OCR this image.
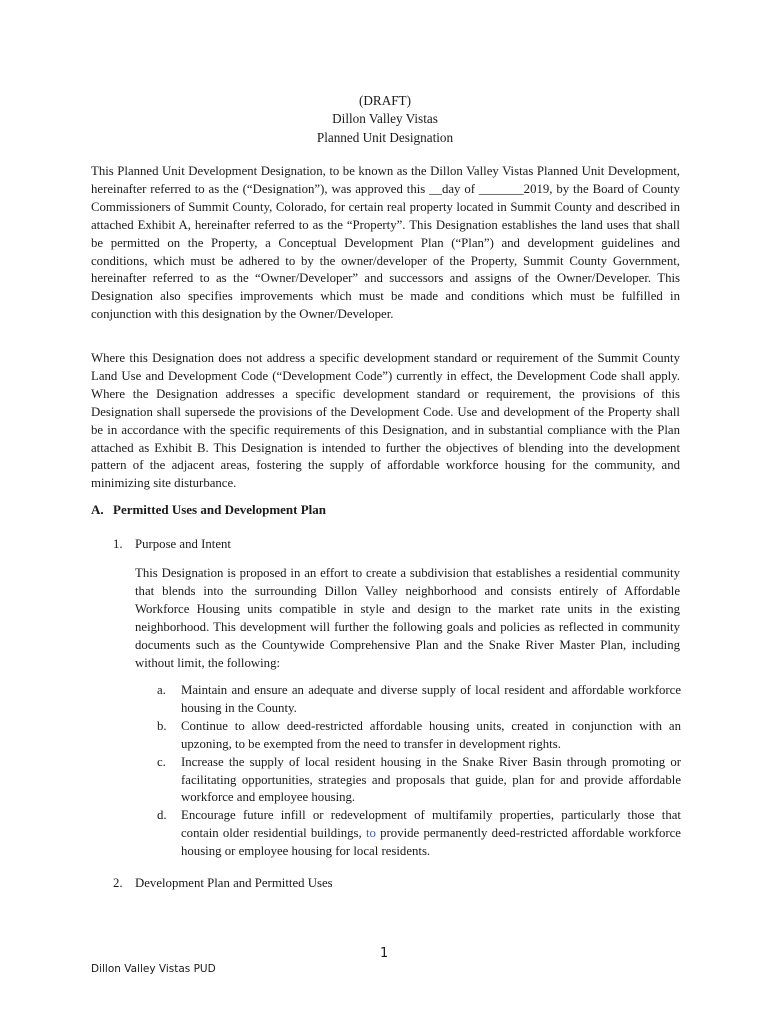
(DRAFT)
Dillon Valley Vistas
Planned Unit Designation

This Planned Unit Development Designation, to be known as the Dillon Valley Vistas Planned Unit Development, hereinafter referred to as the (“Designation”), was approved this __day of _______2019, by the Board of County Commissioners of Summit County, Colorado, for certain real property located in Summit County and described in attached Exhibit A, hereinafter referred to as the “Property”. This Designation establishes the land uses that shall be permitted on the Property, a Conceptual Development Plan (“Plan”) and development guidelines and conditions, which must be adhered to by the owner/developer of the Property, Summit County Government, hereinafter referred to as the “Owner/Developer” and successors and assigns of the Owner/Developer. This Designation also specifies improvements which must be made and conditions which must be fulfilled in conjunction with this designation by the Owner/Developer.

Where this Designation does not address a specific development standard or requirement of the Summit County Land Use and Development Code (“Development Code”) currently in effect, the Development Code shall apply. Where the Designation addresses a specific development standard or requirement, the provisions of this Designation shall supersede the provisions of the Development Code. Use and development of the Property shall be in accordance with the specific requirements of this Designation, and in substantial compliance with the Plan attached as Exhibit B. This Designation is intended to further the objectives of blending into the development pattern of the adjacent areas, fostering the supply of affordable workforce housing for the community, and minimizing site disturbance.

A. Permitted Uses and Development Plan
1. Purpose and Intent

This Designation is proposed in an effort to create a subdivision that establishes a residential community that blends into the surrounding Dillon Valley neighborhood and consists entirely of Affordable Workforce Housing units compatible in style and design to the market rate units in the existing neighborhood. This development will further the following goals and policies as reflected in community documents such as the Countywide Comprehensive Plan and the Snake River Master Plan, including without limit, the following:

a. Maintain and ensure an adequate and diverse supply of local resident and affordable workforce housing in the County.
b. Continue to allow deed-restricted affordable housing units, created in conjunction with an upzoning, to be exempted from the need to transfer in development rights.
c. Increase the supply of local resident housing in the Snake River Basin through promoting or facilitating opportunities, strategies and proposals that guide, plan for and provide affordable workforce and employee housing.
d. Encourage future infill or redevelopment of multifamily properties, particularly those that contain older residential buildings, to provide permanently deed-restricted affordable workforce housing or employee housing for local residents.
2. Development Plan and Permitted Uses
1
Dillon Valley Vistas PUD
